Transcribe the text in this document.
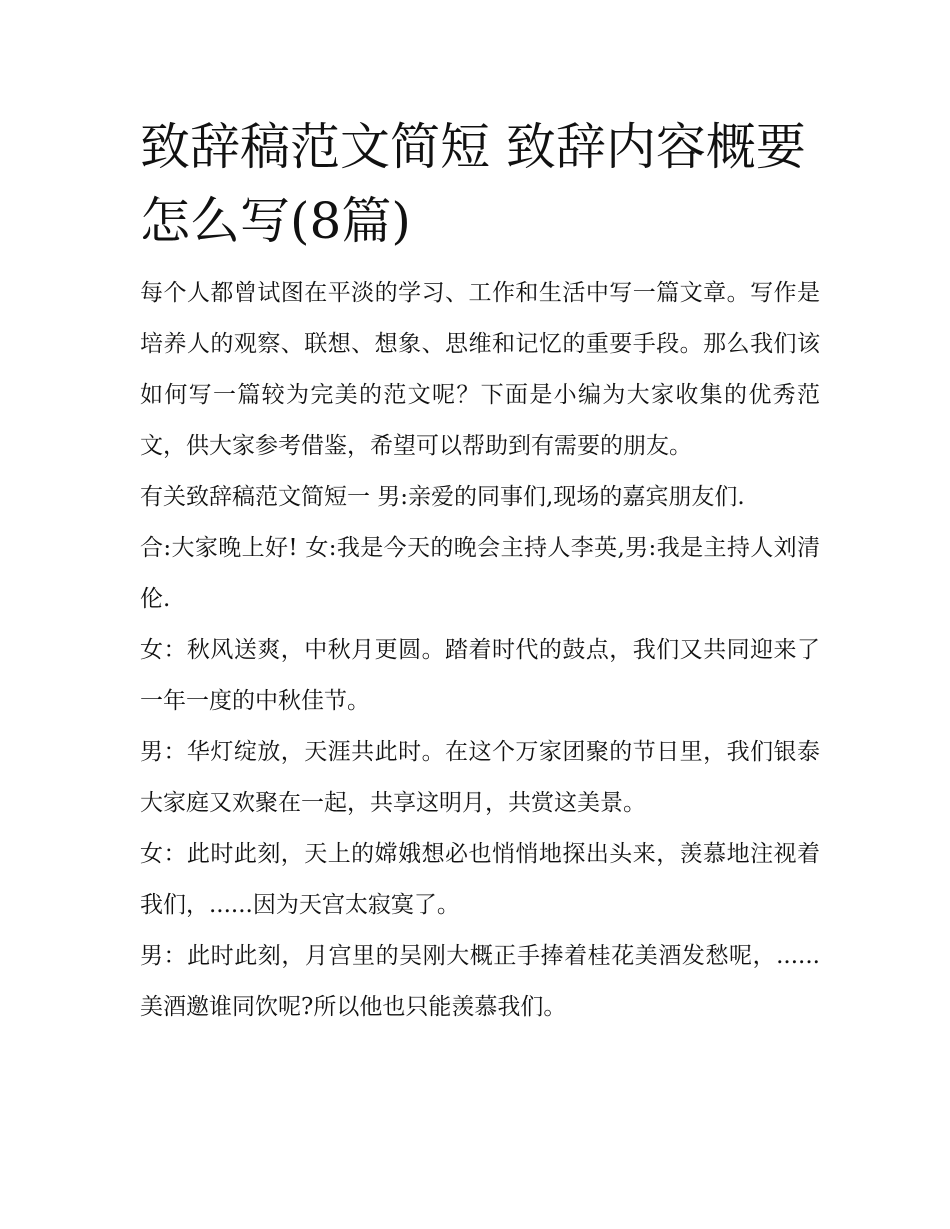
致辞稿范文简短 致辞内容概要怎么写(8篇)

每个人都曾试图在平淡的学习、工作和生活中写一篇文章。写作是培养人的观察、联想、想象、思维和记忆的重要手段。那么我们该如何写一篇较为完美的范文呢？下面是小编为大家收集的优秀范文，供大家参考借鉴，希望可以帮助到有需要的朋友。

有关致辞稿范文简短一 男:亲爱的同事们,现场的嘉宾朋友们.

合:大家晚上好! 女:我是今天的晚会主持人李英,男:我是主持人刘清伦.

女：秋风送爽，中秋月更圆。踏着时代的鼓点，我们又共同迎来了一年一度的中秋佳节。

男：华灯绽放，天涯共此时。在这个万家团聚的节日里，我们银泰大家庭又欢聚在一起，共享这明月，共赏这美景。

女：此时此刻，天上的嫦娥想必也悄悄地探出头来，羡慕地注视着我们，......因为天宫太寂寞了。

男：此时此刻，月宫里的吴刚大概正手捧着桂花美酒发愁呢，......美酒邀谁同饮呢?所以他也只能羡慕我们。
